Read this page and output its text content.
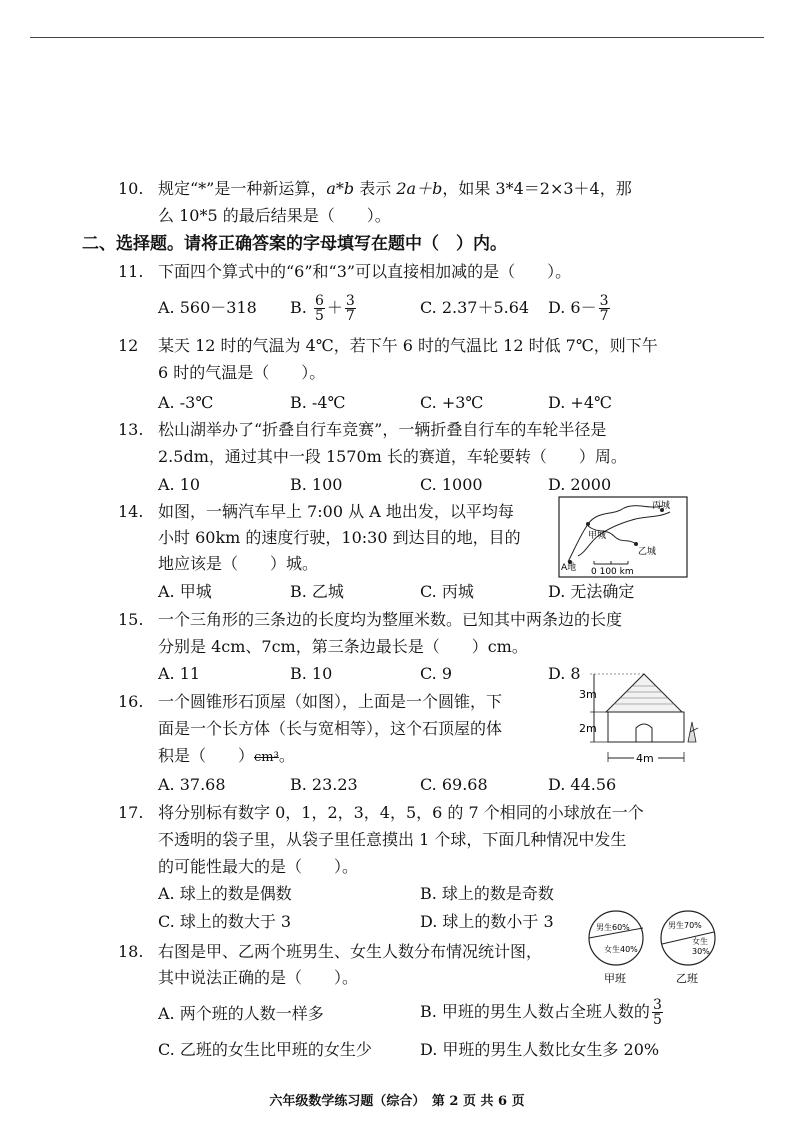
10. 规定“*”是一种新运算，a*b 表示 2a＋b，如果 3*4＝2×3＋4，那
么 10*5 的最后结果是（　　）。
二、选择题。请将正确答案的字母填写在题中（　）内。
11. 下面四个算式中的“6”和“3”可以直接相加减的是（　　）。
A. 560－318 B. $\frac{6}{5} + \frac{3}{7}$	C. 2.37＋5.64 D. $6- \frac{3}{7}$
12 某天 12 时的气温为 4℃，若下午 6 时的气温比 12 时低 7℃，则下午
6 时的气温是（　　）。
A. -3℃	B. -4℃	C. +3℃	D. +4℃
13. 松山湖举办了“折叠自行车竞赛”，一辆折叠自行车的车轮半径是
2.5dm，通过其中一段 1570m 长的赛道，车轮要转（　　）周。
A. 10	B. 100	C. 1000	D. 2000
14. 如图，一辆汽车早上 7:00 从 A 地出发，以平均每
小时 60km 的速度行驶，10:30 到达目的地，目的
地应该是（　　）城。
A. 甲城	B. 乙城	C. 丙城	D. 无法确定
甲城
乙城
丙城
A地 0 100 km
15. 一个三角形的三条边的长度均为整厘米数。已知其中两条边的长度
分别是 4cm、7cm，第三条边最长是（　　）cm。
A. 11	B. 10	C. 9	D. 8
16. 一个圆锥形石顶屋（如图），上面是一个圆锥，下
面是一个长方体（长与宽相等），这个石顶屋的体
积是（　　）cm³。
A. 37.68	B. 23.23	C. 69.68	D. 44.56
3m
2m
4m
17. 将分别标有数字 0，1，2，3，4，5，6 的 7 个相同的小球放在一个
不透明的袋子里，从袋子里任意摸出 1 个球，下面几种情况中发生
的可能性最大的是（　　）。
A. 球上的数是偶数	B. 球上的数是奇数
C. 球上的数大于 3	D. 球上的数小于 3
18. 右图是甲、乙两个班男生、女生人数分布情况统计图，
其中说法正确的是（　　）。
A. 两个班的人数一样多	B. 甲班的男生人数占全班人数的 $\frac{3}{5}$
C. 乙班的女生比甲班的女生少	D. 甲班的男生人数比女生多 20%
男生60%
女生40%
甲班
男生70%
女生
30%
乙班
六年级数学练习题（综合）　第 2 页 共 6 页
